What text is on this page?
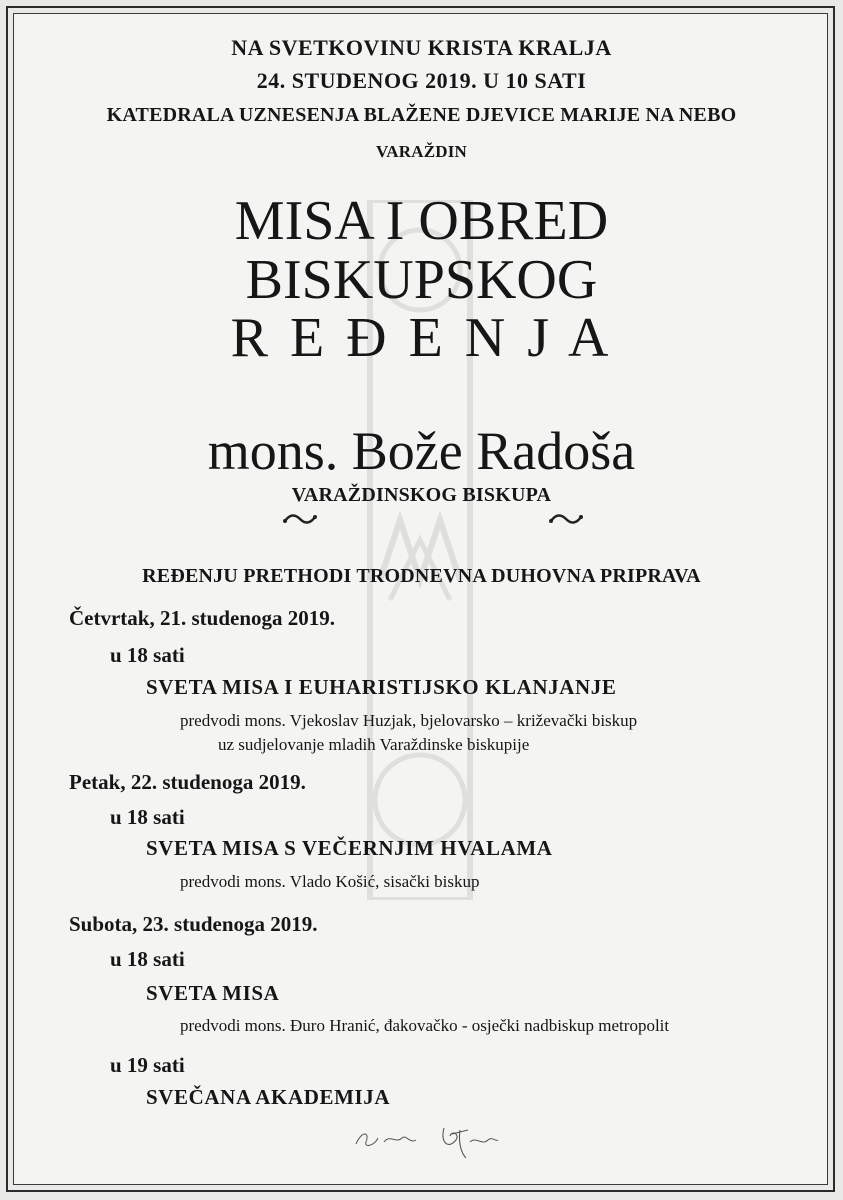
NA SVETKOVINU KRISTA KRALJA
24. STUDENOG 2019. U 10 SATI
KATEDRALA UZNESENJA BLAŽENE DJEVICE MARIJE NA NEBO
VARAŽDIN
MISA I OBRED
BISKUPSKOG
R E Đ E N J A
mons. Bože Radoša
VARAŽDINSKOG BISKUPA
REĐENJU PRETHODI TRODNEVNA DUHOVNA PRIPRAVA
Četvrtak, 21. studenoga 2019.
u 18 sati
SVETA MISA I EUHARISTIJSKO KLANJANJE
predvodi mons. Vjekoslav Huzjak, bjelovarsko – križevački biskup
uz sudjelovanje mladih Varaždinske biskupije
Petak, 22. studenoga 2019.
u 18 sati
SVETA MISA S VEČERNJIM HVALAMA
predvodi mons. Vlado Košić, sisački biskup
Subota, 23. studenoga 2019.
u 18 sati
SVETA MISA
predvodi mons. Đuro Hranić, đakovačko - osječki nadbiskup metropolit
u 19 sati
SVEČANA AKADEMIJA
